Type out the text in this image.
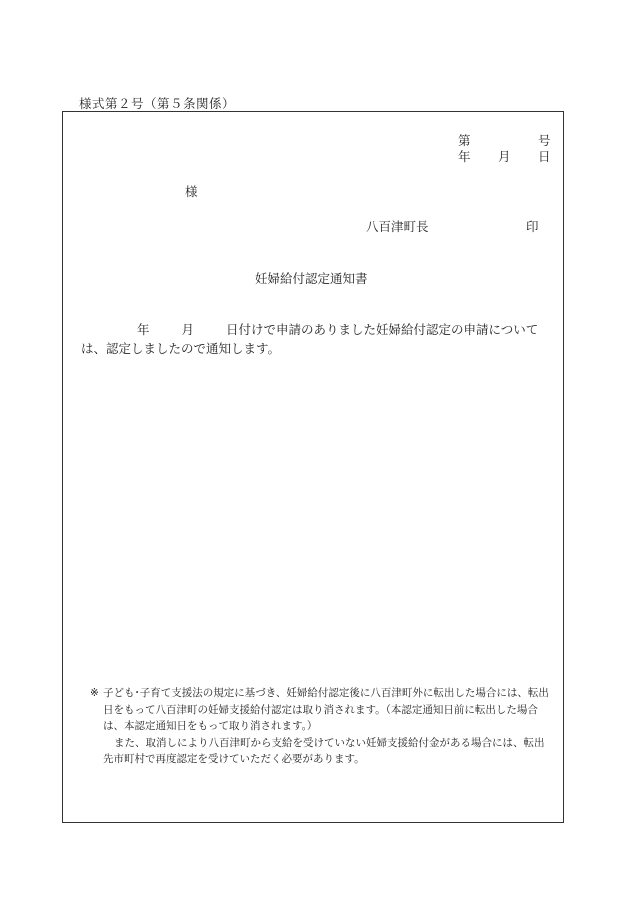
様式第２号（第５条関係）
第	号
年 月 日
様
八百津町長	印
妊婦給付認定通知書
年	月	日付けで申請のありました妊婦給付認定の申請については、認定しましたので通知します。
※ 子ども･子育て支援法の規定に基づき、妊婦給付認定後に八百津町外に転出した場合には、転出日をもって八百津町の妊婦支援給付認定は取り消されます。（本認定通知日前に転出した場合は、本認定通知日をもって取り消されます。）

また、取消しにより八百津町から支給を受けていない妊婦支援給付金がある場合には、転出先市町村で再度認定を受けていただく必要があります。
